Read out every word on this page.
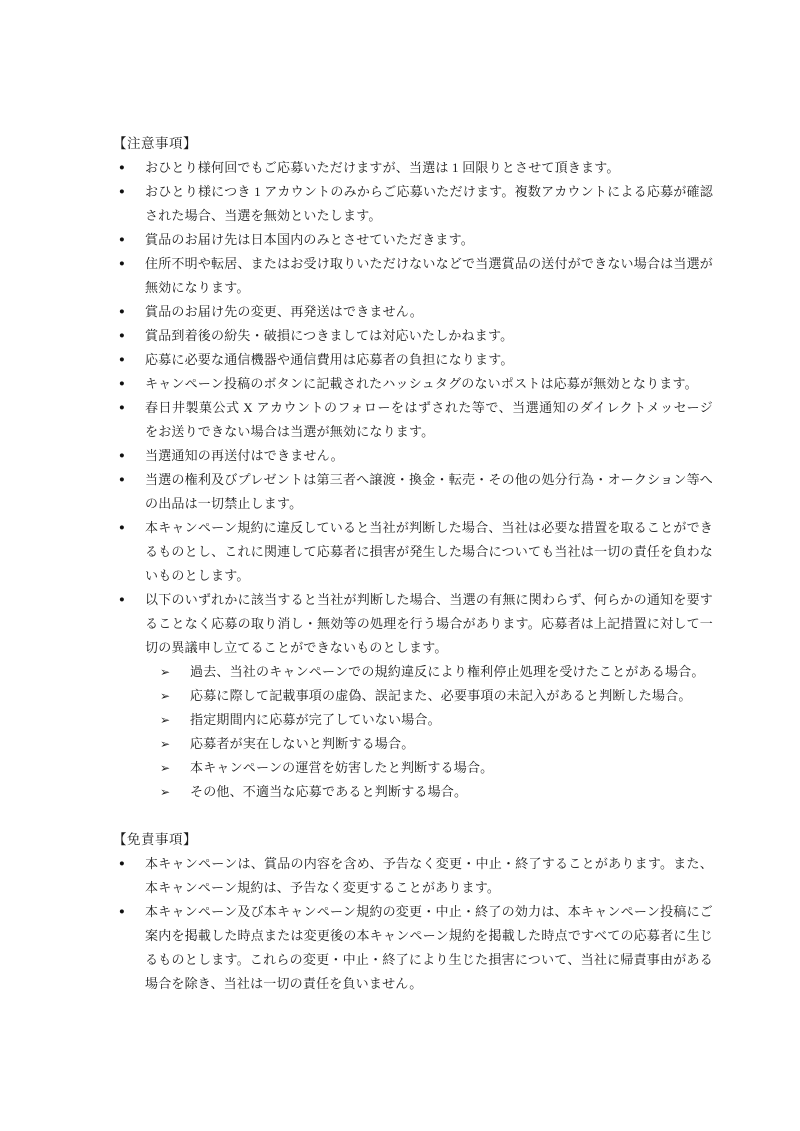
【注意事項】
●	おひとり様何回でもご応募いただけますが、当選は 1 回限りとさせて頂きます。
●	おひとり様につき 1 アカウントのみからご応募いただけます。複数アカウントによる応募が確認された場合、当選を無効といたします。
●	賞品のお届け先は日本国内のみとさせていただきます。
●	住所不明や転居、またはお受け取りいただけないなどで当選賞品の送付ができない場合は当選が無効になります。
●	賞品のお届け先の変更、再発送はできません。
●	賞品到着後の紛失・破損につきましては対応いたしかねます。
●	応募に必要な通信機器や通信費用は応募者の負担になります。
●	キャンペーン投稿のボタンに記載されたハッシュタグのないポストは応募が無効となります。
●	春日井製菓公式 X アカウントのフォローをはずされた等で、当選通知のダイレクトメッセージをお送りできない場合は当選が無効になります。
●	当選通知の再送付はできません。
●	当選の権利及びプレゼントは第三者へ譲渡・換金・転売・その他の処分行為・オークション等への出品は一切禁止します。
●	本キャンペーン規約に違反していると当社が判断した場合、当社は必要な措置を取ることができるものとし、これに関連して応募者に損害が発生した場合についても当社は一切の責任を負わないものとします。
●	以下のいずれかに該当すると当社が判断した場合、当選の有無に関わらず、何らかの通知を要することなく応募の取り消し・無効等の処理を行う場合があります。応募者は上記措置に対して一切の異議申し立てることができないものとします。
➢	過去、当社のキャンペーンでの規約違反により権利停止処理を受けたことがある場合。
➢	応募に際して記載事項の虚偽、誤記また、必要事項の未記入があると判断した場合。
➢	指定期間内に応募が完了していない場合。
➢	応募者が実在しないと判断する場合。
➢	本キャンペーンの運営を妨害したと判断する場合。
➢	その他、不適当な応募であると判断する場合。
【免責事項】
●	本キャンペーンは、賞品の内容を含め、予告なく変更・中止・終了することがあります。また、本キャンペーン規約は、予告なく変更することがあります。
●	本キャンペーン及び本キャンペーン規約の変更・中止・終了の効力は、本キャンペーン投稿にご案内を掲載した時点または変更後の本キャンペーン規約を掲載した時点ですべての応募者に生じるものとします。これらの変更・中止・終了により生じた損害について、当社に帰責事由がある場合を除き、当社は一切の責任を負いません。
